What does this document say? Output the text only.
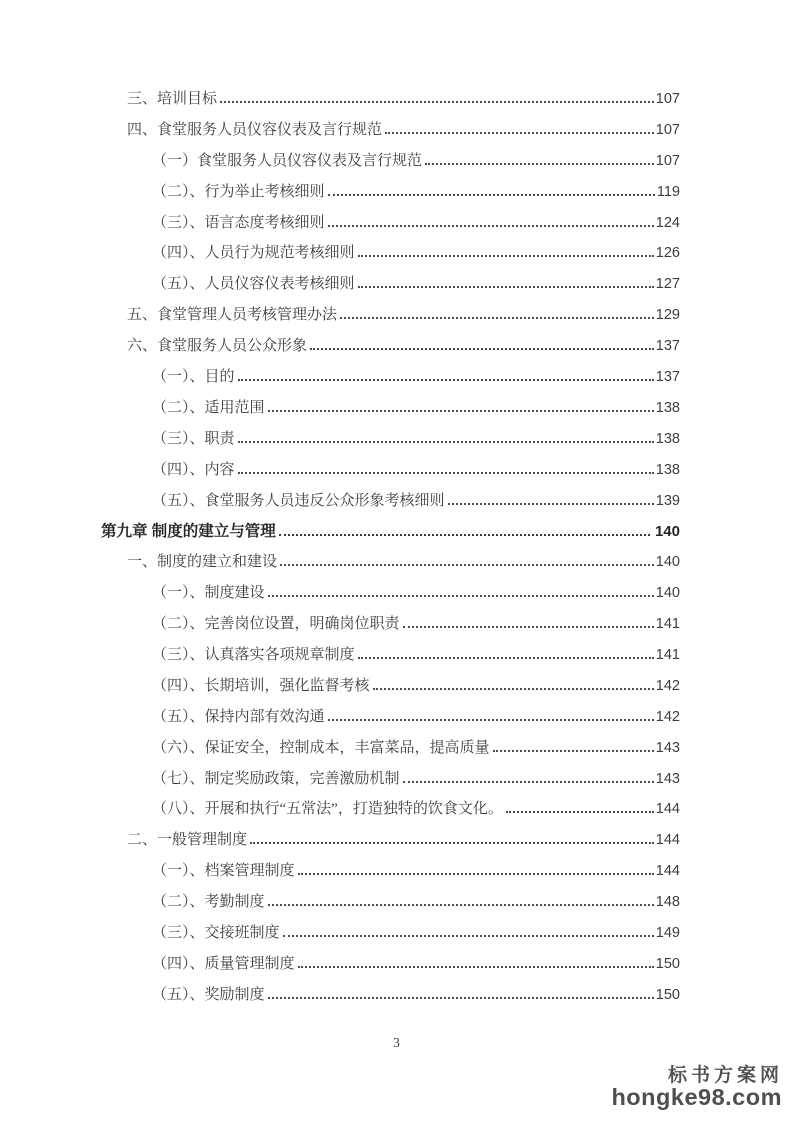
三、培训目标	107
四、食堂服务人员仪容仪表及言行规范	107
（一）食堂服务人员仪容仪表及言行规范	107
（二）、行为举止考核细则	119
（三）、语言态度考核细则	124
（四）、人员行为规范考核细则	126
（五）、人员仪容仪表考核细则	127
五、食堂管理人员考核管理办法	129
六、食堂服务人员公众形象	137
（一）、目的	137
（二）、适用范围	138
（三）、职责	138
（四）、内容	138
（五）、食堂服务人员违反公众形象考核细则	139
第九章 制度的建立与管理	140
一、制度的建立和建设	140
（一）、制度建设	140
（二）、完善岗位设置，明确岗位职责	141
（三）、认真落实各项规章制度	141
（四）、长期培训，强化监督考核	142
（五）、保持内部有效沟通	142
（六）、保证安全，控制成本，丰富菜品，提高质量	143
（七）、制定奖励政策，完善激励机制	143
（八）、开展和执行“五常法”，打造独特的饮食文化。	144
二、一般管理制度	144
（一）、档案管理制度	144
（二）、考勤制度	148
（三）、交接班制度	149
（四）、质量管理制度	150
（五）、奖励制度	150
3
标书方案网
hongke98.com
